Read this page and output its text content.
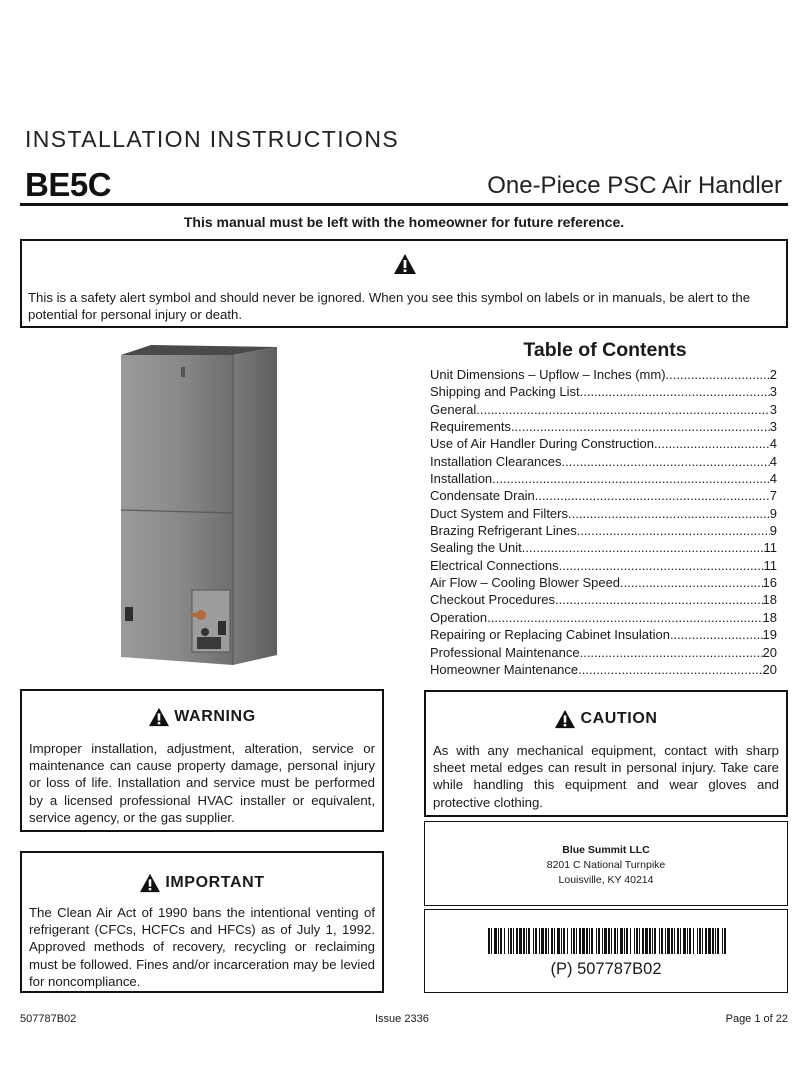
INSTALLATION INSTRUCTIONS
BE5C	One-Piece PSC Air Handler
This manual must be left with the homeowner for future reference.
This is a safety alert symbol and should never be ignored. When you see this symbol on labels or in manuals, be alert to the potential for personal injury or death.
Table of Contents
Unit Dimensions – Upflow – Inches (mm) .....	2
Shipping and Packing List .....	3
General .....	3
Requirements .....	3
Use of Air Handler During Construction .....	4
Installation Clearances .....	4
Installation .....	4
Condensate Drain .....	7
Duct System and Filters .....	9
Brazing Refrigerant Lines .....	9
Sealing the Unit .....	11
Electrical Connections .....	11
Air Flow – Cooling Blower Speed .....	16
Checkout Procedures .....	18
Operation .....	18
Repairing or Replacing Cabinet Insulation .....	19
Professional Maintenance .....	20
Homeowner Maintenance .....	20
WARNING
Improper installation, adjustment, alteration, service or maintenance can cause property damage, personal injury or loss of life. Installation and service must be performed by a licensed professional HVAC installer or equivalent, service agency, or the gas supplier.
CAUTION
As with any mechanical equipment, contact with sharp sheet metal edges can result in personal injury. Take care while handling this equipment and wear gloves and protective clothing.
IMPORTANT
The Clean Air Act of 1990 bans the intentional venting of refrigerant (CFCs, HCFCs and HFCs) as of July 1, 1992. Approved methods of recovery, recycling or reclaiming must be followed. Fines and/or incarceration may be levied for noncompliance.
Blue Summit LLC
8201 C National Turnpike
Louisville, KY 40214
(P) 507787B02
507787B02	Issue 2336	Page 1 of 22
